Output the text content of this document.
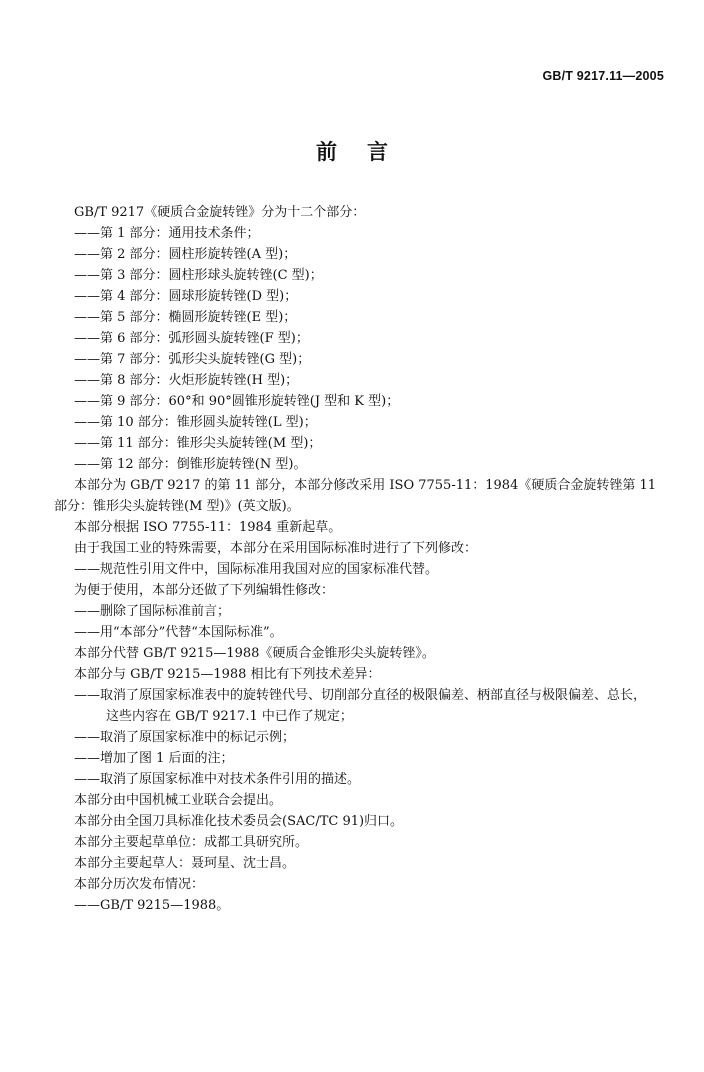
GB/T 9217.11—2005
前言
GB/T 9217《硬质合金旋转锉》分为十二个部分：
——第 1 部分：通用技术条件；
——第 2 部分：圆柱形旋转锉(A 型)；
——第 3 部分：圆柱形球头旋转锉(C 型)；
——第 4 部分：圆球形旋转锉(D 型)；
——第 5 部分：椭圆形旋转锉(E 型)；
——第 6 部分：弧形圆头旋转锉(F 型)；
——第 7 部分：弧形尖头旋转锉(G 型)；
——第 8 部分：火炬形旋转锉(H 型)；
——第 9 部分：60°和 90°圆锥形旋转锉(J 型和 K 型)；
——第 10 部分：锥形圆头旋转锉(L 型)；
——第 11 部分：锥形尖头旋转锉(M 型)；
——第 12 部分：倒锥形旋转锉(N 型)。
本部分为 GB/T 9217 的第 11 部分，本部分修改采用 ISO 7755-11：1984《硬质合金旋转锉 第 11
部分：锥形尖头旋转锉(M 型)》(英文版)。
本部分根据 ISO 7755-11：1984 重新起草。
由于我国工业的特殊需要，本部分在采用国际标准时进行了下列修改：
——规范性引用文件中，国际标准用我国对应的国家标准代替。
为便于使用，本部分还做了下列编辑性修改：
——删除了国际标准前言；
——用“本部分”代替“本国际标准”。
本部分代替 GB/T 9215—1988《硬质合金锥形尖头旋转锉》。
本部分与 GB/T 9215—1988 相比有下列技术差异：
——取消了原国家标准表中的旋转锉代号、切削部分直径的极限偏差、柄部直径与极限偏差、总长，
这些内容在 GB/T 9217.1 中已作了规定；
——取消了原国家标准中的标记示例；
——增加了图 1 后面的注；
——取消了原国家标准中对技术条件引用的描述。
本部分由中国机械工业联合会提出。
本部分由全国刀具标准化技术委员会(SAC/TC 91)归口。
本部分主要起草单位：成都工具研究所。
本部分主要起草人：聂珂星、沈士昌。
本部分历次发布情况：
——GB/T 9215—1988。
